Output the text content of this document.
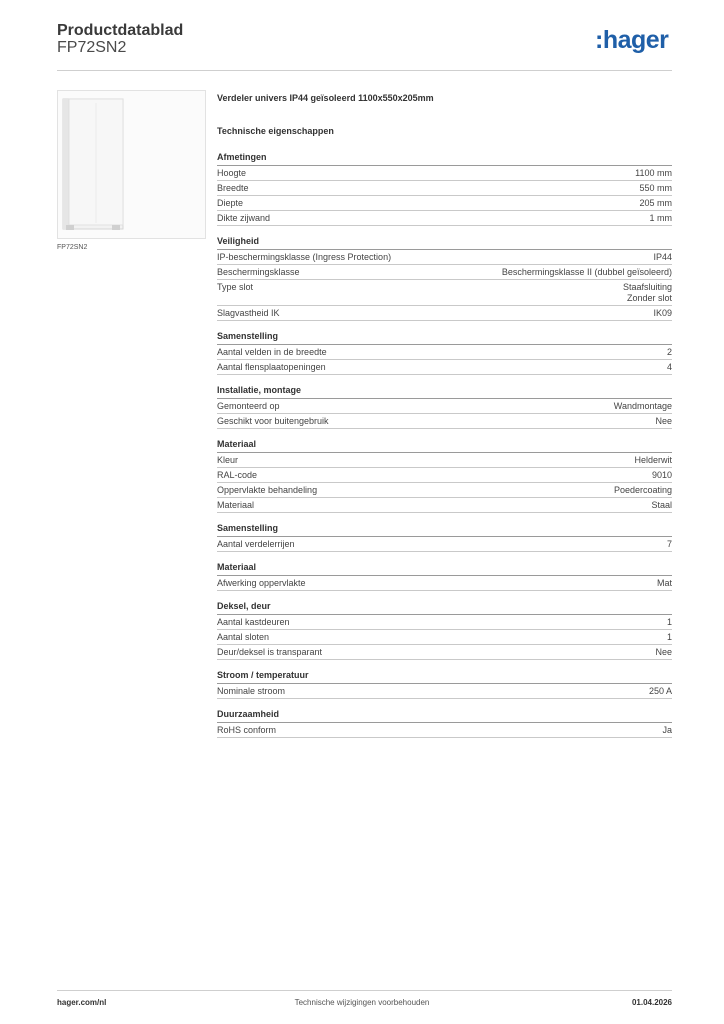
Productdatablad
FP72SN2	:hager
FP72SN2
Verdeler univers IP44 geïsoleerd 1100x550x205mm
Technische eigenschappen
Afmetingen
Hoogte	1100 mm
Breedte	550 mm
Diepte	205 mm
Dikte zijwand	1 mm
Veiligheid
IP-beschermingsklasse (Ingress Protection)	IP44
Beschermingsklasse	Beschermingsklasse II (dubbel geïsoleerd)
Type slot	Staafsluiting
Zonder slot
Slagvastheid IK	IK09
Samenstelling
Aantal velden in de breedte	2
Aantal flensplaatopeningen	4
Installatie, montage
Gemonteerd op	Wandmontage
Geschikt voor buitengebruik	Nee
Materiaal
Kleur	Helderwit
RAL-code	9010
Oppervlakte behandeling	Poedercoating
Materiaal	Staal
Samenstelling
Aantal verdelerrijen	7
Materiaal
Afwerking oppervlakte	Mat
Deksel, deur
Aantal kastdeuren	1
Aantal sloten	1
Deur/deksel is transparant	Nee
Stroom / temperatuur
Nominale stroom	250 A
Duurzaamheid
RoHS conform	Ja
hager.com/nl	Technische wijzigingen voorbehouden	01.04.2026
